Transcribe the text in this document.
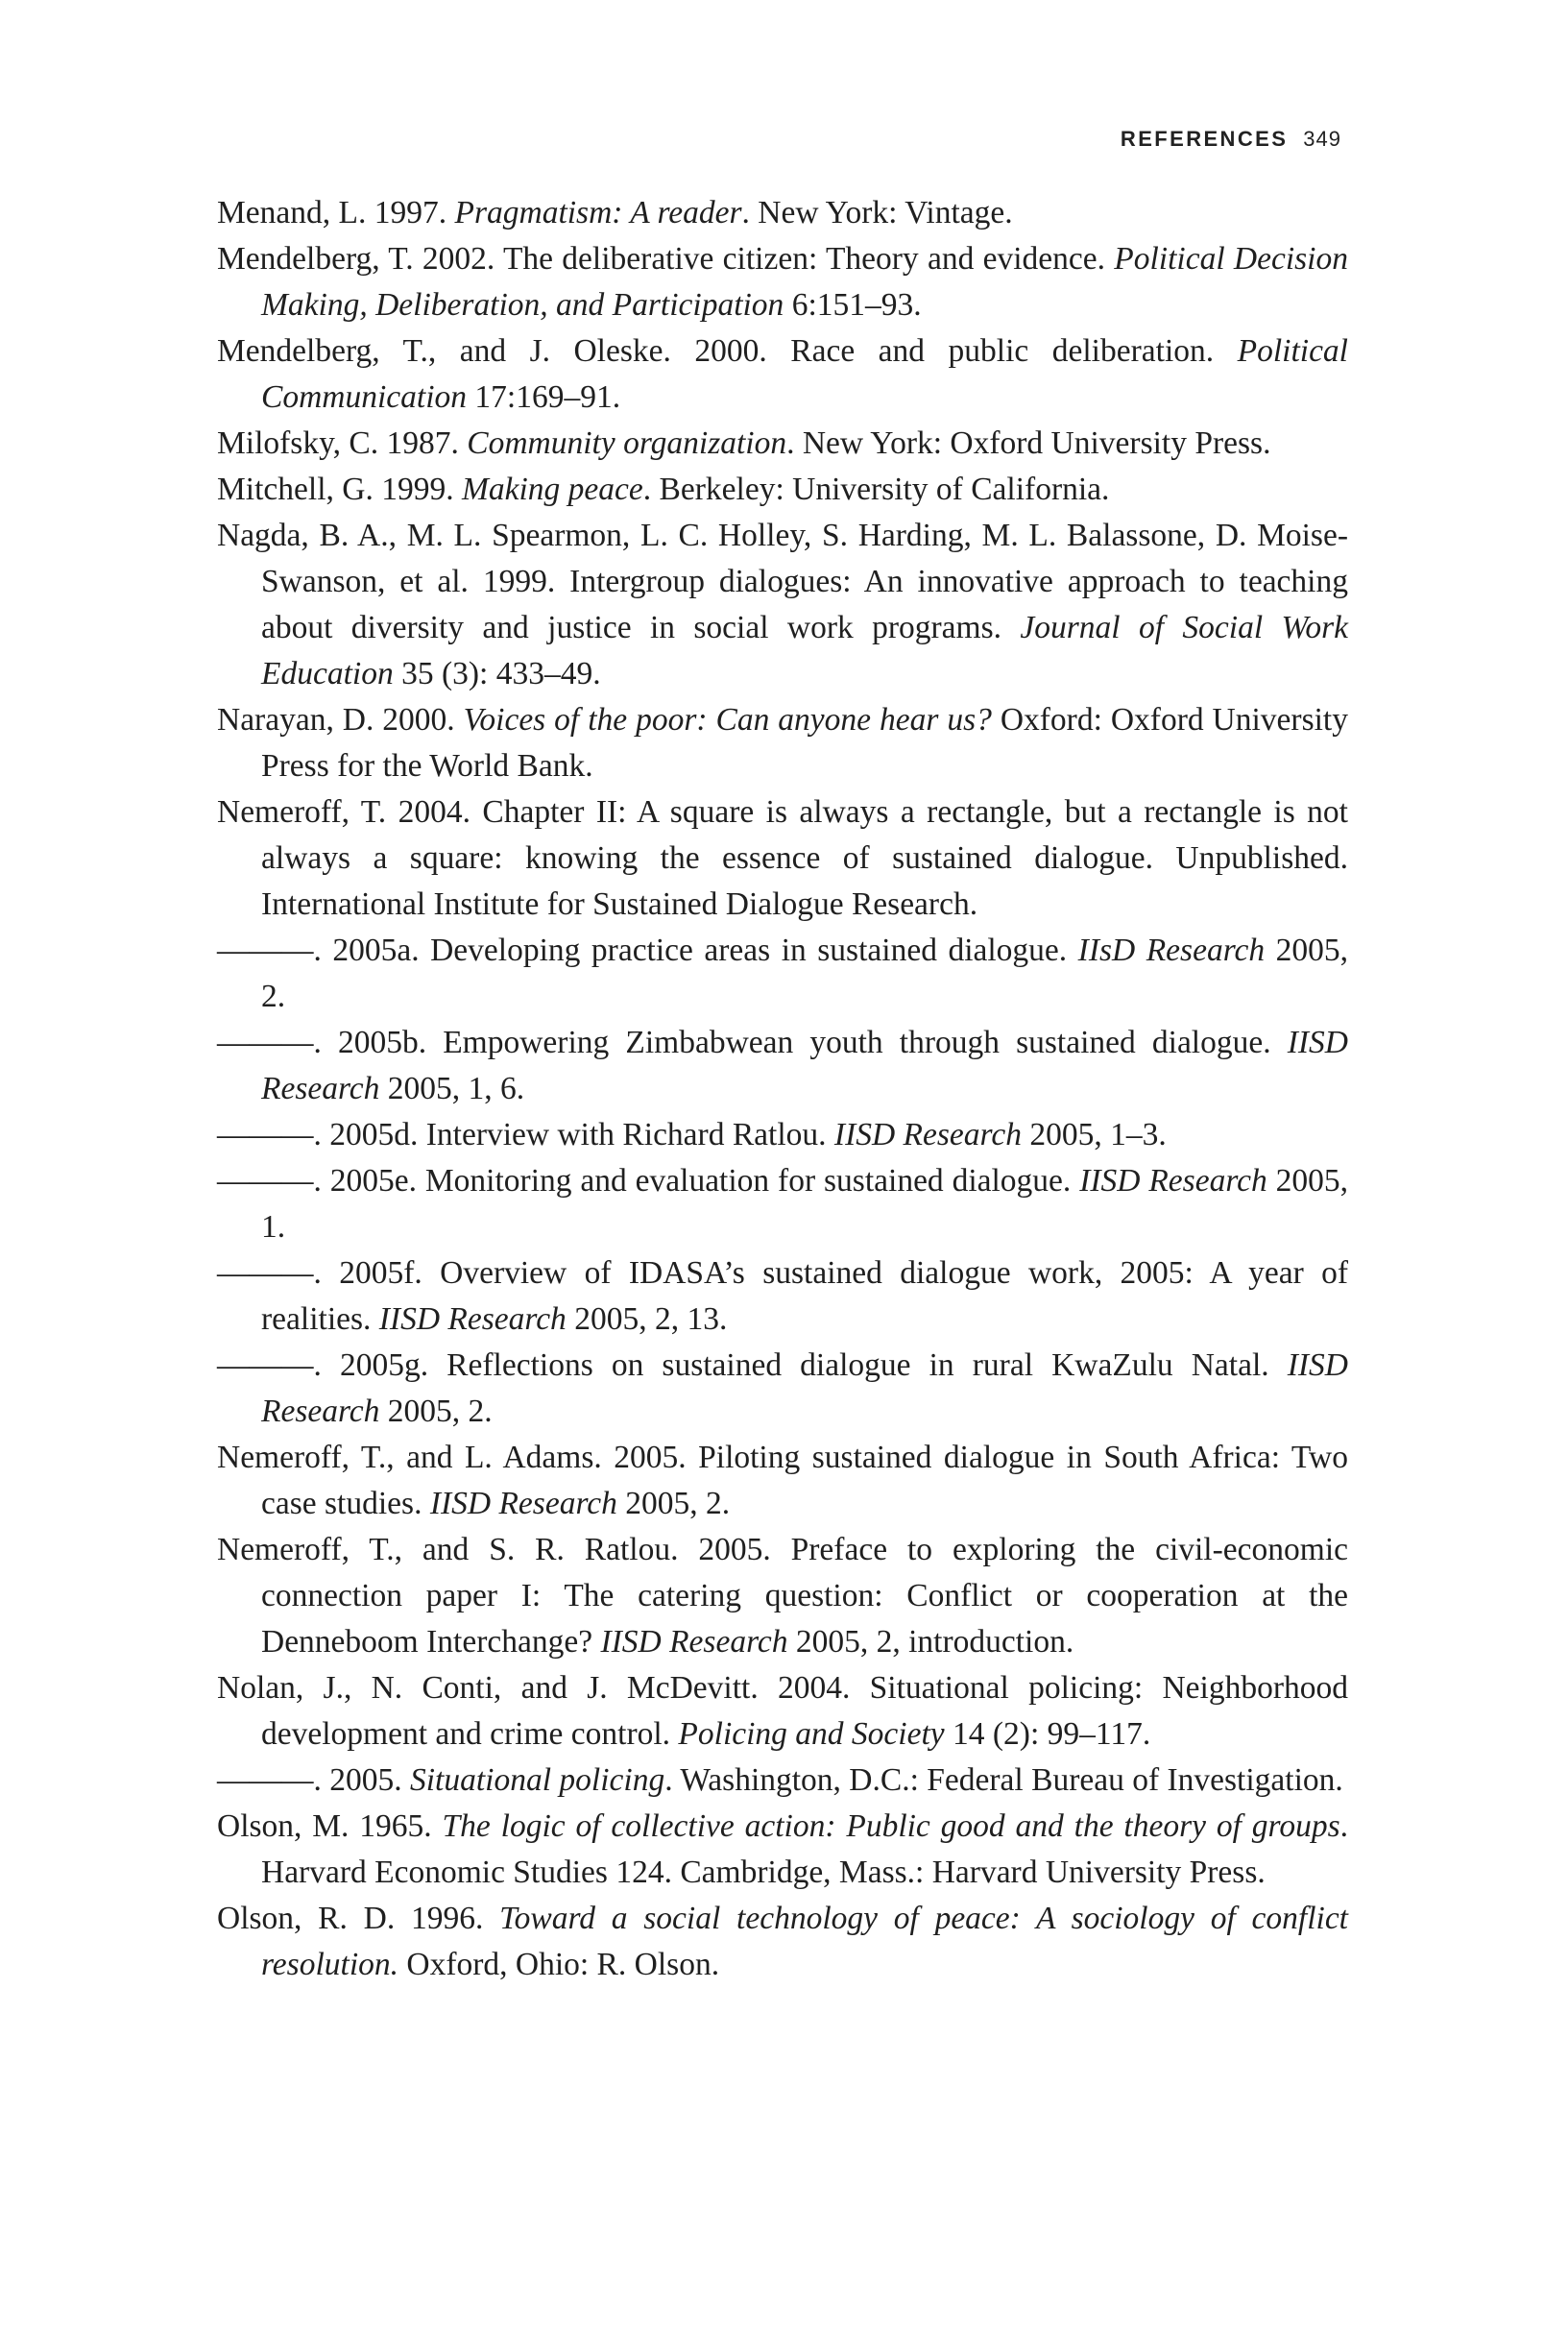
REFERENCES 349

Menand, L. 1997. Pragmatism: A reader. New York: Vintage.

Mendelberg, T. 2002. The deliberative citizen: Theory and evidence. Political Decision Making, Deliberation, and Participation 6:151–93.

Mendelberg, T., and J. Oleske. 2000. Race and public deliberation. Political Communication 17:169–91.

Milofsky, C. 1987. Community organization. New York: Oxford University Press.

Mitchell, G. 1999. Making peace. Berkeley: University of California.

Nagda, B. A., M. L. Spearmon, L. C. Holley, S. Harding, M. L. Balassone, D. Moise-Swanson, et al. 1999. Intergroup dialogues: An innovative approach to teaching about diversity and justice in social work programs. Journal of Social Work Education 35 (3): 433–49.

Narayan, D. 2000. Voices of the poor: Can anyone hear us? Oxford: Oxford University Press for the World Bank.

Nemeroff, T. 2004. Chapter II: A square is always a rectangle, but a rectangle is not always a square: knowing the essence of sustained dialogue. Unpublished. International Institute for Sustained Dialogue Research.

———. 2005a. Developing practice areas in sustained dialogue. IIsD Research 2005, 2.

———. 2005b. Empowering Zimbabwean youth through sustained dialogue. IISD Research 2005, 1, 6.

———. 2005d. Interview with Richard Ratlou. IISD Research 2005, 1–3.

———. 2005e. Monitoring and evaluation for sustained dialogue. IISD Research 2005, 1.

———. 2005f. Overview of IDASA’s sustained dialogue work, 2005: A year of realities. IISD Research 2005, 2, 13.

———. 2005g. Reflections on sustained dialogue in rural KwaZulu Natal. IISD Research 2005, 2.

Nemeroff, T., and L. Adams. 2005. Piloting sustained dialogue in South Africa: Two case studies. IISD Research 2005, 2.

Nemeroff, T., and S. R. Ratlou. 2005. Preface to exploring the civil-economic connection paper I: The catering question: Conflict or cooperation at the Denneboom Interchange? IISD Research 2005, 2, introduction.

Nolan, J., N. Conti, and J. McDevitt. 2004. Situational policing: Neighborhood development and crime control. Policing and Society 14 (2): 99–117.

———. 2005. Situational policing. Washington, D.C.: Federal Bureau of Investigation.

Olson, M. 1965. The logic of collective action: Public good and the theory of groups. Harvard Economic Studies 124. Cambridge, Mass.: Harvard University Press.

Olson, R. D. 1996. Toward a social technology of peace: A sociology of conflict resolution. Oxford, Ohio: R. Olson.
